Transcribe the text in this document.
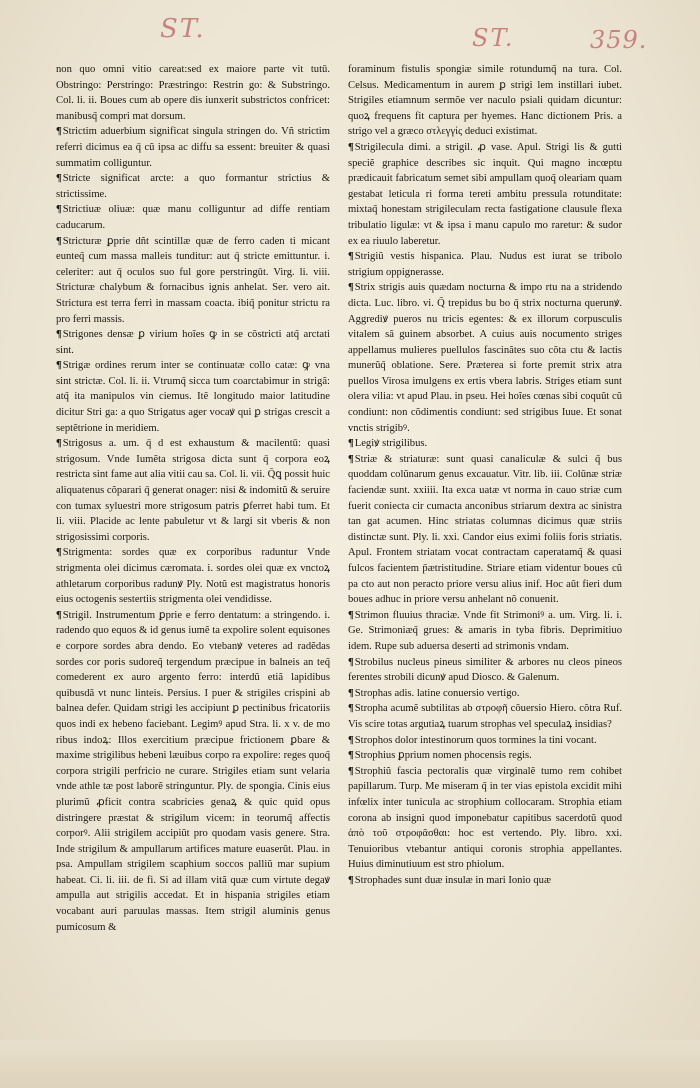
ST.	ST.	359.

non quo omni vitio careat:sed ex maiore parte vit tutū. Obstringo: Perstringo: Præstringo: Restrin go: & Substringo. Col. li. ii. Boues cum ab opere dis iunxerit substrictos confricet: manibusq̃ compri mat dorsum.

¶Strictim aduerbium significat singula stringen do. Vñ strictim referri dicimus ea q̄ cũ ipsa ac diffu sa essent: breuiter & quasi summatim colliguntur.

¶Stricte significat arcte: a quo formantur strictius & strictissime.

¶Strictiuæ oliuæ: quæ manu colliguntur ad diffe rentiam caducarum.

¶Stricturæ ꝑprie dñt scintillæ quæ de ferro caden ti micant eunteq̃ cum massa malleis tunditur: aut q̄ stricte emittuntur. i. celeriter: aut q̄ oculos suo ful gore perstringūt. Virg. li. viii. Stricturæ chalybum & fornacibus ignis anhelat. Ser. vero ait. Strictura est terra ferri in massam coacta. ibiq̃ ponitur strictu ra pro ferri massis.

¶Strigones densæ ꝑ virium hoĩes ꝙ in se cõstricti atq̃ arctati sint.

¶Strigæ ordines rerum inter se continuatæ collo catæ: ꝙ vna sint strictæ. Col. li. ii. Vtrumq̃ sicca tum coarctabimur in strigã: atq̃ ita manipulos vin ciemus. Itẽ longitudo maior latitudine dicitur Stri ga: a quo Strigatus ager vocaꝟ qui ꝑ strigas crescit a septẽtrione in meridiem.

¶Strigosus a. um. q̄ d est exhaustum & macilentū: quasi strigosum. Vnde Iumẽta strigosa dicta sunt q̄ corpora eoꝝ restricta sint fame aut alia vitii cau sa. Col. li. vii. Q̄ꝗ possit huic aliquatenus cõparari q̄ generat onager: nisi & indomitũ & seruire con tumax syluestri more strigosum patris ꝑferret habi tum. Et li. viii. Placide ac lente pabuletur vt & largi sit vberis & non strigosissimi corporis.

¶Strigmenta: sordes quæ ex corporibus raduntur Vnde strigmenta olei dicimus cæromata. i. sordes olei quæ ex vnctoꝝ athletarum corporibus radunꝟ Ply. Notũ est magistratus honoris eius octogenis sestertiis strigmenta olei vendidisse.

¶Strigil. Instrumentum ꝑprie e ferro dentatum: a stringendo. i. radendo quo equos & id genus iumẽ ta expolire solent equisones e corpore sordes abra dendo. Eo vtebanꝟ veteres ad radẽdas sordes cor poris sudoreq̃ tergendum præcipue in balneis an teq̃ comederent ex auro argento ferro: interdũ etiã lapidibus quibusdã vt nunc linteis. Persius. I puer & strigiles crispini ab balnea defer. Quidam strigi les accipiunt ꝑ pectinibus fricatoriis quos indi ex hebeno faciebant. Legimꝰ apud Stra. li. x v. de mo ribus indoꝝ: Illos exercitium præcipue frictionem ꝑbare & maxime strigilibus hebeni læuibus corpo ra expolire: reges quoq̃ corpora strigili perfricio ne curare. Strigiles etiam sunt velaria vnde athle tæ post laborẽ stringuntur. Ply. de spongia. Cinis eius plurimũ ꝓficit contra scabricies genaꝝ & quic quid opus distringere præstat & strigilum vicem: in teorumq̃ affectis corporꝰ. Alii strigilem accipiũt pro quodam vasis genere. Stra. Inde strigilum & ampullarum artifices mature euaserũt. Plau. in psa. Ampullam strigilem scaphium soccos palliũ mar supium habeat. Ci. li. iii. de fi. Si ad illam vitã quæ cum virtute degaꝟ ampulla aut strigilis accedat. Et in hispania strigiles etiam vocabant auri paruulas massas. Item strigil aluminis genus pumicosum &

foraminum fistulis spongiæ simile rotundumq̃ na tura. Col. Celsus. Medicamentum in aurem ꝑ strigi lem instillari iubet. Strigiles etiamnum sermõe ver naculo psiali quidam dicuntur: quoꝝ frequens fit captura per hyemes. Hanc dictionem Pris. a strigo vel a græco στλεγγίς deduci existimat.

¶Strigilecula dimi. a strigil. ꝓ vase. Apul. Strigi lis & gutti speciẽ graphice describes sic inquit. Qui magno incœptu prædicauit fabricatum semet sibi ampullam quoq̃ oleariam quam gestabat leticula ri forma tereti ambitu pressula rotunditate: mixtaq̃ honestam strigileculam recta fastigatione clausule flexa tribulatio ligulæ: vt & ipsa i manu capulo mo raretur: & sudor ex ea riuulo laberetur.

¶Strigiũ vestis hispanica. Plau. Nudus est iurat se tribolo strigium oppignerasse.

¶Strix strigis auis quædam nocturna & impo rtu na a stridendo dicta. Luc. libro. vi. Q̃ trepidus bu bo q̄ strix nocturna querunꝟ. Aggrediꝟ pueros nu tricis egentes: & ex illorum corpusculis vitalem sã guinem absorbet. A cuius auis nocumento striges appellamus mulieres puellulos fascinãtes suo cõta ctu & lactis munerũq̃ oblatione. Sere. Præterea si forte premit strix atra puellos Virosa imulgens ex ertis vbera labris. Striges etiam sunt olera vilia: vt apud Plau. in pseu. Hei hoĩes cœnas sibi coquũt cũ condiunt: non cõdimentis condiunt: sed strigibus Iuue. Et sonat vnctis strigibꝰ.

¶Legiꝟ strigilibus.

¶Striæ & striaturæ: sunt quasi canaliculæ & sulci q̃ bus quoddam colũnarum genus excauatur. Vitr. lib. iii. Colũnæ striæ faciendæ sunt. xxiiii. Ita exca uatæ vt norma in cauo striæ cum fuerit coniecta cir cumacta anconibus striarum dextra ac sinistra tan gat acumen. Hinc striatas columnas dicimus quæ striis distinctæ sunt. Ply. li. xxi. Candor eius eximi foliis foris striatis. Apul. Frontem striatam vocat contractam caperatamq̃ & quasi fulcos facientem p̃ætristitudine. Striare etiam videntur boues cũ pa cto aut non peracto priore versu alius inif. Hoc aũt fieri dum boues adhuc in priore versu anhelant nõ conuenit.

¶Strimon fluuius thraciæ. Vnde fit Strimoniꝰ a. um. Virg. li. i. Ge. Strimoniæq̃ grues: & amaris in tyba fibris. Deprimitiuo idem. Rupe sub aduersa deserti ad strimonis vndam.

¶Strobilus nucleus pineus similiter & arbores nu cleos pineos ferentes strobili dicunꝟ apud Diosco. & Galenum.

¶Strophas adis. latine conuersio vertigo.

¶Stropha acumẽ subtilitas ab στροφῆ cõuersio Hiero. cõtra Ruf. Vis scire totas argutiaꝝ tuarum strophas vel speculaꝝ insidias?

¶Strophos dolor intestinorum quos tormines la tini vocant.

¶Strophius ꝑprium nomen phocensis regis.

¶Strophiũ fascia pectoralis quæ virginalẽ tumo rem cohibet papillarum. Turp. Me miseram q̃ in ter vias epistola excidit mihi infœlix inter tunicula ac strophium collocaram. Strophia etiam corona ab insigni quod imponebatur capitibus sacerdotũ quod ἀπὸ τοῦ στροφᾶσθαι: hoc est vertendo. Ply. libro. xxi. Tenuioribus vtebantur antiqui coronis strophia appellantes. Huius diminutiuum est stro phiolum.

¶Strophades sunt duæ insulæ in mari Ionio quæ
